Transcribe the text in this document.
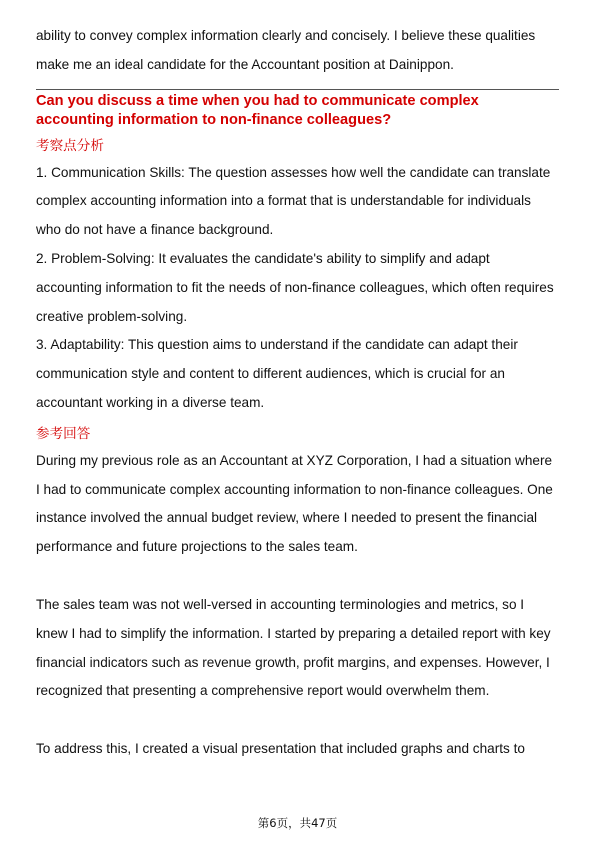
ability to convey complex information clearly and concisely. I believe these qualities make me an ideal candidate for the Accountant position at Dainippon.

Can you discuss a time when you had to communicate complex accounting information to non-finance colleagues?

考察点分析
1. Communication Skills: The question assesses how well the candidate can translate complex accounting information into a format that is understandable for individuals who do not have a finance background.
2. Problem-Solving: It evaluates the candidate's ability to simplify and adapt accounting information to fit the needs of non-finance colleagues, which often requires creative problem-solving.
3. Adaptability: This question aims to understand if the candidate can adapt their communication style and content to different audiences, which is crucial for an accountant working in a diverse team.
参考回答

During my previous role as an Accountant at XYZ Corporation, I had a situation where I had to communicate complex accounting information to non-finance colleagues. One instance involved the annual budget review, where I needed to present the financial performance and future projections to the sales team.

The sales team was not well-versed in accounting terminologies and metrics, so I knew I had to simplify the information. I started by preparing a detailed report with key financial indicators such as revenue growth, profit margins, and expenses. However, I recognized that presenting a comprehensive report would overwhelm them.

To address this, I created a visual presentation that included graphs and charts to

第6页，共47页
